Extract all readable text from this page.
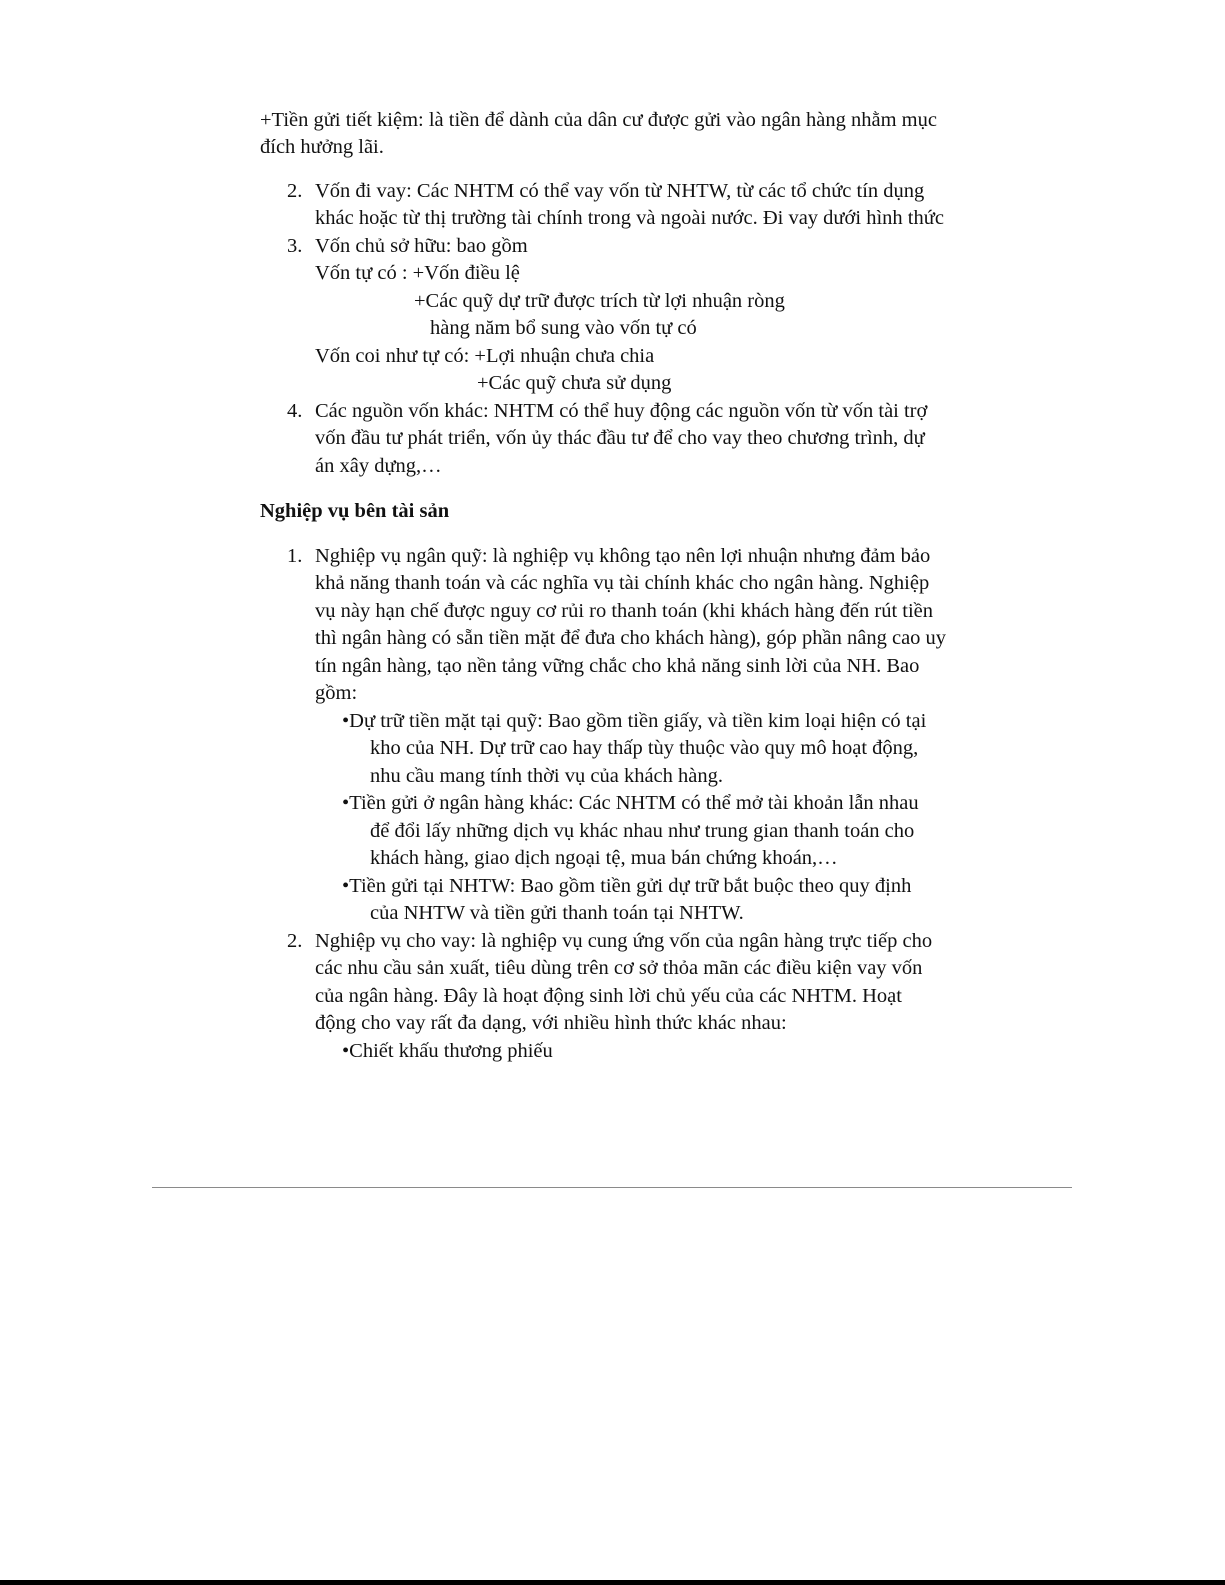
+Tiền gửi tiết kiệm: là tiền để dành của dân cư được gửi vào ngân hàng nhằm mục
đích hưởng lãi.
2. Vốn đi vay: Các NHTM có thể vay vốn từ NHTW, từ các tổ chức tín dụng
khác hoặc từ thị trường tài chính trong và ngoài nước. Đi vay dưới hình thức
3. Vốn chủ sở hữu: bao gồm
Vốn tự có : +Vốn điều lệ
+Các quỹ dự trữ được trích từ lợi nhuận ròng
hàng năm bổ sung vào vốn tự có
Vốn coi như tự có: +Lợi nhuận chưa chia
+Các quỹ chưa sử dụng
4. Các nguồn vốn khác: NHTM có thể huy động các nguồn vốn từ vốn tài trợ
vốn đầu tư phát triển, vốn ủy thác đầu tư để cho vay theo chương trình, dự
án xây dựng,…
Nghiệp vụ bên tài sản
1. Nghiệp vụ ngân quỹ: là nghiệp vụ không tạo nên lợi nhuận nhưng đảm bảo
khả năng thanh toán và các nghĩa vụ tài chính khác cho ngân hàng. Nghiệp
vụ này hạn chế được nguy cơ rủi ro thanh toán (khi khách hàng đến rút tiền
thì ngân hàng có sẵn tiền mặt để đưa cho khách hàng), góp phần nâng cao uy
tín ngân hàng, tạo nền tảng vững chắc cho khả năng sinh lời của NH. Bao
gồm:
•Dự trữ tiền mặt tại quỹ: Bao gồm tiền giấy, và tiền kim loại hiện có tại
kho của NH. Dự trữ cao hay thấp tùy thuộc vào quy mô hoạt động,
nhu cầu mang tính thời vụ của khách hàng.
•Tiền gửi ở ngân hàng khác: Các NHTM có thể mở tài khoản lẫn nhau
để đổi lấy những dịch vụ khác nhau như trung gian thanh toán cho
khách hàng, giao dịch ngoại tệ, mua bán chứng khoán,…
•Tiền gửi tại NHTW: Bao gồm tiền gửi dự trữ bắt buộc theo quy định
của NHTW và tiền gửi thanh toán tại NHTW.
2. Nghiệp vụ cho vay: là nghiệp vụ cung ứng vốn của ngân hàng trực tiếp cho
các nhu cầu sản xuất, tiêu dùng trên cơ sở thỏa mãn các điều kiện vay vốn
của ngân hàng. Đây là hoạt động sinh lời chủ yếu của các NHTM. Hoạt
động cho vay rất đa dạng, với nhiều hình thức khác nhau:
•Chiết khấu thương phiếu
